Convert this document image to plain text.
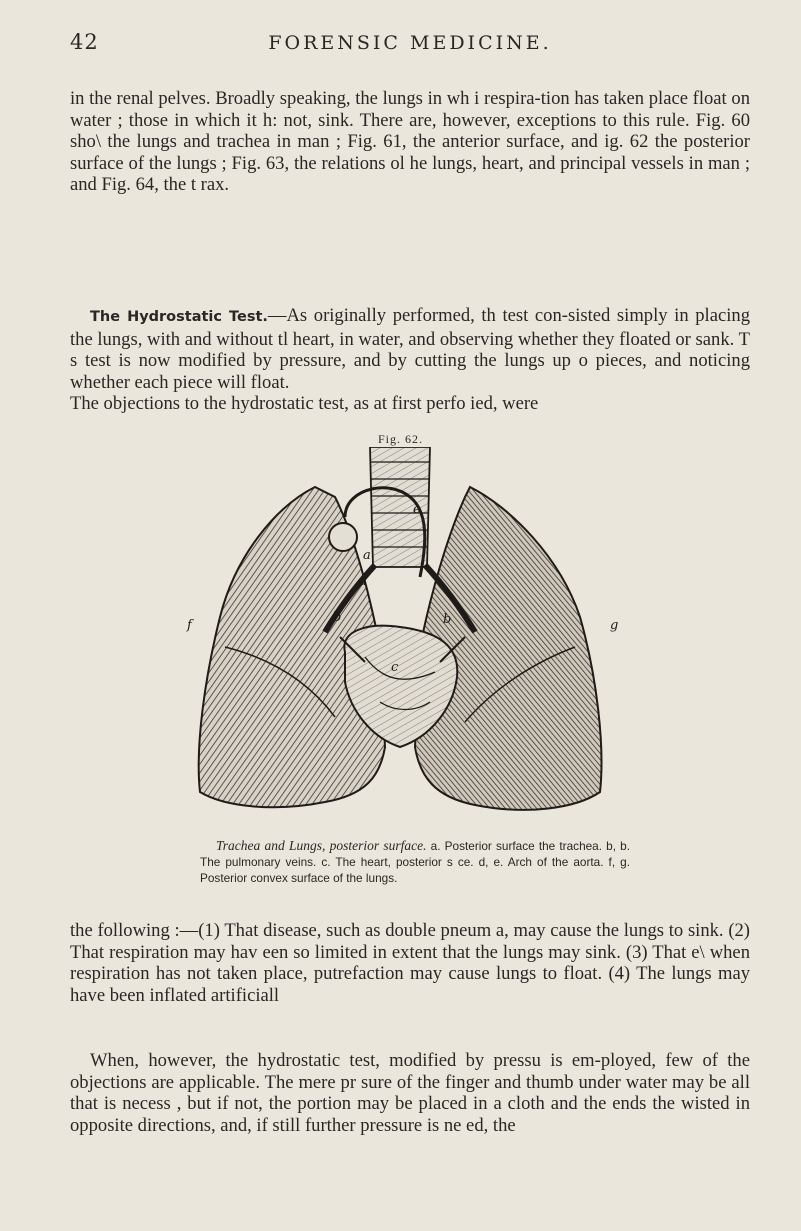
42	FORENSIC MEDICINE.

in the renal pelves. Broadly speaking, the lungs in wh i respira-tion has taken place float on water ; those in which it h: not, sink. There are, however, exceptions to this rule. Fig. 60 sho\ the lungs and trachea in man ; Fig. 61, the anterior surface, and ig. 62 the posterior surface of the lungs ; Fig. 63, the relations ol he lungs, heart, and principal vessels in man ; and Fig. 64, the t rax.

The Hydrostatic Test.—As originally performed, th test con-sisted simply in placing the lungs, with and without tl heart, in water, and observing whether they floated or sank. T s test is now modified by pressure, and by cutting the lungs up o pieces, and noticing whether each piece will float.
The objections to the hydrostatic test, as at first perfo ied, were

Fig. 62.
d
a
b	b
e
c
f	g

Trachea and Lungs, posterior surface. a. Posterior surface the trachea. b, b. The pulmonary veins. c. The heart, posterior s ce. d, e. Arch of the aorta. f, g. Posterior convex surface of the lungs.

the following :—(1) That disease, such as double pneum a, may cause the lungs to sink. (2) That respiration may hav een so limited in extent that the lungs may sink. (3) That e\ when respiration has not taken place, putrefaction may cause lungs to float. (4) The lungs may have been inflated artificiall

When, however, the hydrostatic test, modified by pressu is em-ployed, few of the objections are applicable. The mere pr sure of the finger and thumb under water may be all that is necess , but if not, the portion may be placed in a cloth and the ends the wisted in opposite directions, and, if still further pressure is ne ed, the
